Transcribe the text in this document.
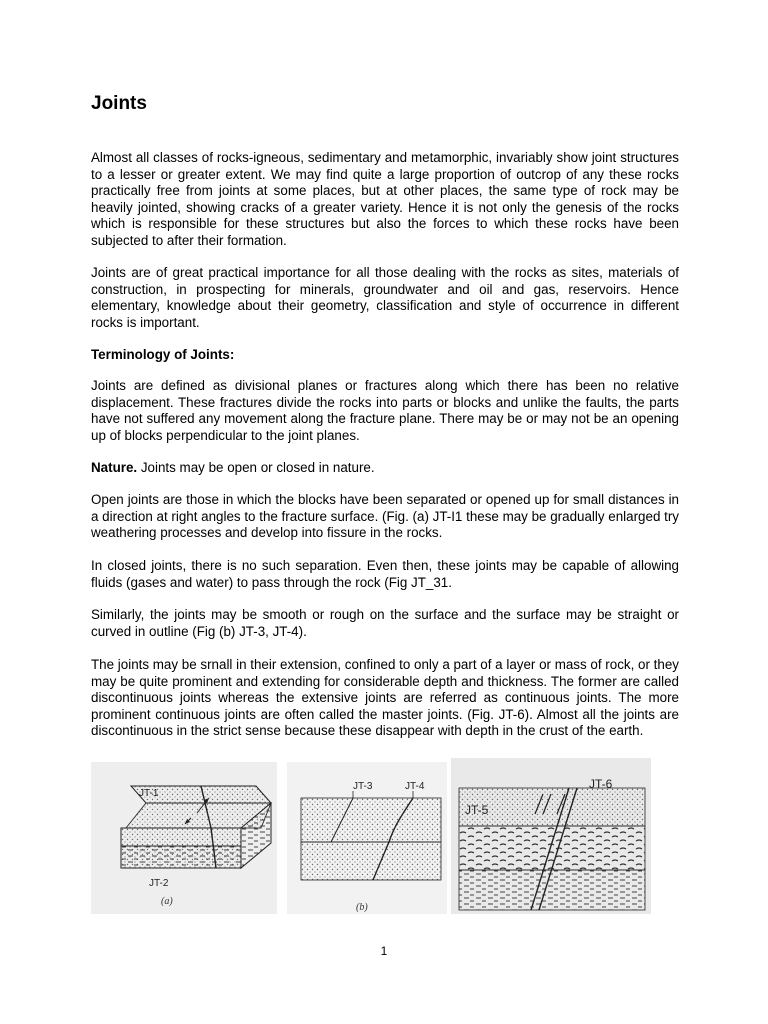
Joints

Almost all classes of rocks-igneous, sedimentary and metamorphic, invariably show joint structures to a lesser or greater extent. We may find quite a large proportion of outcrop of any these rocks practically free from joints at some places, but at other places, the same type of rock may be heavily jointed, showing cracks of a greater variety. Hence it is not only the genesis of the rocks which is responsible for these structures but also the forces to which these rocks have been subjected to after their formation.

Joints are of great practical importance for all those dealing with the rocks as sites, materials of construction, in prospecting for minerals, groundwater and oil and gas, reservoirs. Hence elementary, knowledge about their geometry, classification and style of occurrence in different rocks is important.

Terminology of Joints:

Joints are defined as divisional planes or fractures along which there has been no relative displacement. These fractures divide the rocks into parts or blocks and unlike the faults, the parts have not suffered any movement along the fracture plane. There may be or may not be an opening up of blocks perpendicular to the joint planes.

Nature. Joints may be open or closed in nature.

Open joints are those in which the blocks have been separated or opened up for small distances in a direction at right angles to the fracture surface. (Fig. (a) JT-I1 these may be gradually enlarged try weathering processes and develop into fissure in the rocks.

In closed joints, there is no such separation. Even then, these joints may be capable of allowing fluids (gases and water) to pass through the rock (Fig JT_31.

Similarly, the joints may be smooth or rough on the surface and the surface may be straight or curved in outline (Fig (b) JT-3, JT-4).

The joints may be srnall in their extension, confined to only a part of a layer or mass of rock, or they may be quite prominent and extending for considerable depth and thickness. The former are called discontinuous joints whereas the extensive joints are referred as continuous joints. The more prominent continuous joints are often called the master joints. (Fig. JT-6). Almost all the joints are discontinuous in the strict sense because these disappear with depth in the crust of the earth.

JT-1
JT-2
(a)
JT-3	JT-4
(b)
JT-6
JT-5
1
